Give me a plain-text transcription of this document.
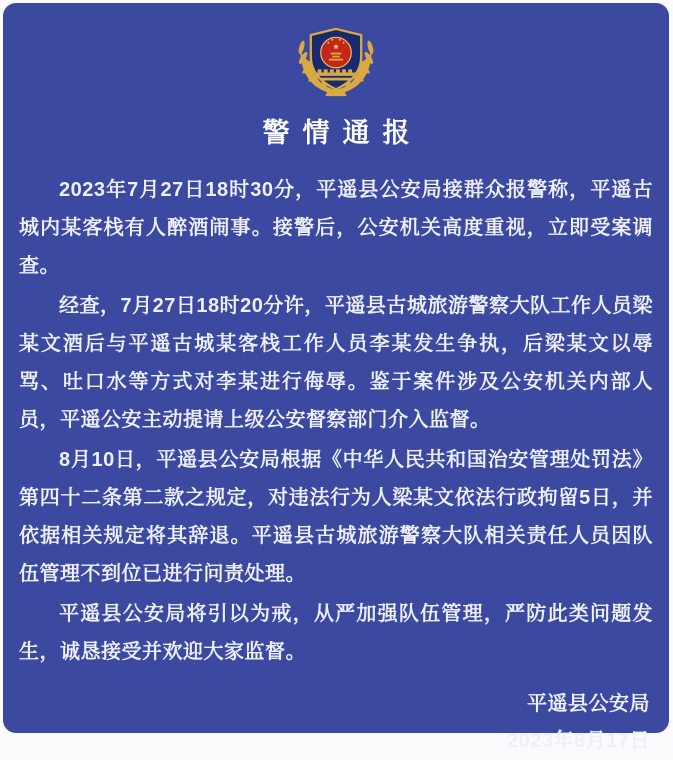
★
★
★ ★
★
警情通报

2023年7月27日18时30分，平遥县公安局接群众报警称，平遥古城内某客栈有人醉酒闹事。接警后，公安机关高度重视，立即受案调查。

经查，7月27日18时20分许，平遥县古城旅游警察大队工作人员梁某文酒后与平遥古城某客栈工作人员李某发生争执，后梁某文以辱骂、吐口水等方式对李某进行侮辱。鉴于案件涉及公安机关内部人员，平遥公安主动提请上级公安督察部门介入监督。

8月10日，平遥县公安局根据《中华人民共和国治安管理处罚法》第四十二条第二款之规定，对违法行为人梁某文依法行政拘留5日，并依据相关规定将其辞退。平遥县古城旅游警察大队相关责任人员因队伍管理不到位已进行问责处理。

平遥县公安局将引以为戒，从严加强队伍管理，严防此类问题发生，诚恳接受并欢迎大家监督。

平遥县公安局
2023年8月17日
